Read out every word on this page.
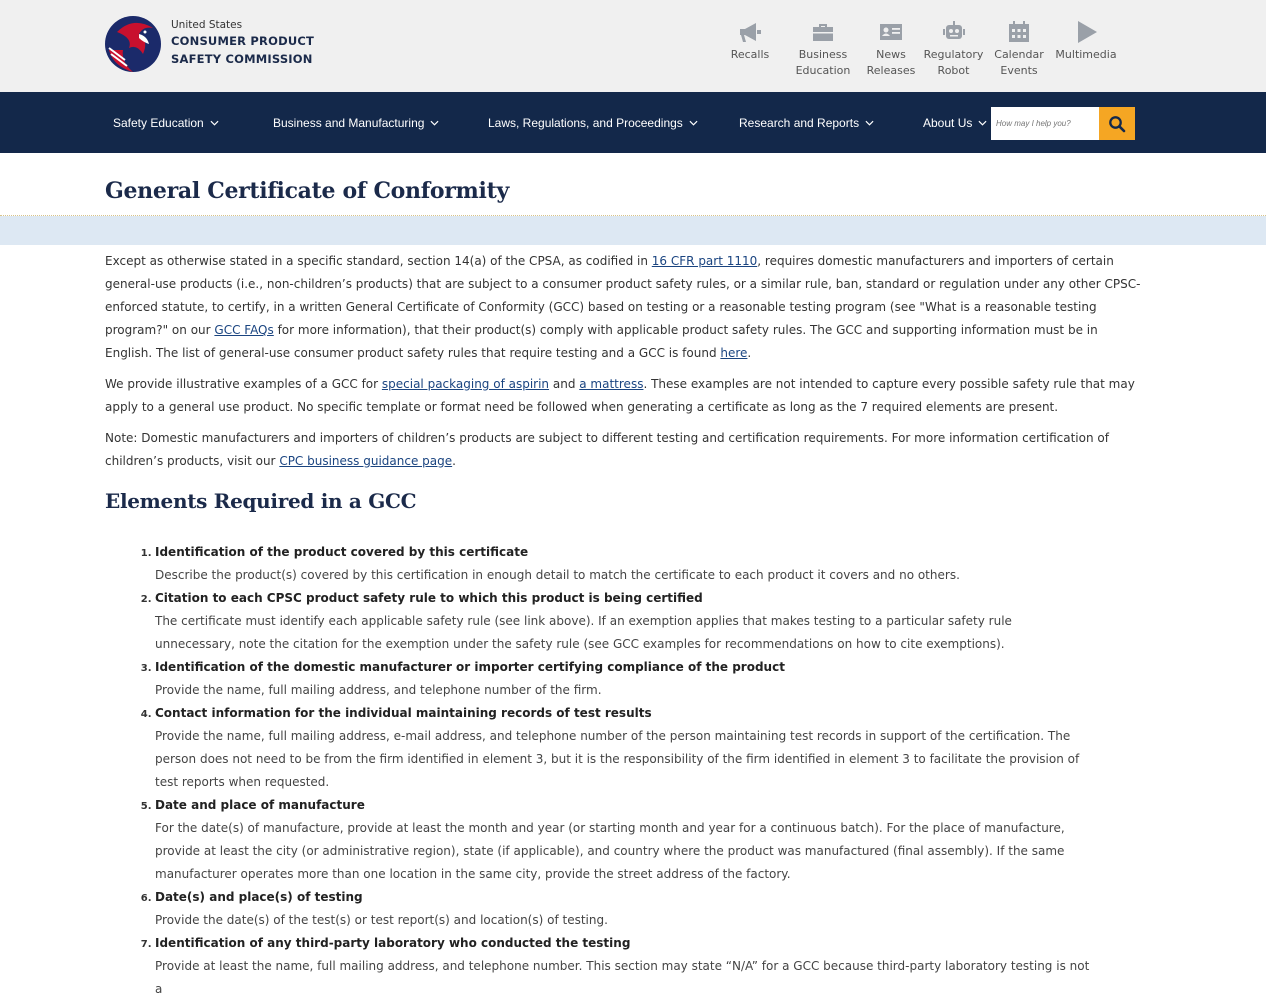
United States
CONSUMER PRODUCT
SAFETY COMMISSION	Recalls	Business
Education
News
Releases
Regulatory
Robot
Calendar
Events
Multimedia
Safety Education	Business and Manufacturing	Laws, Regulations, and Proceedings	Research and Reports	About Us
How may I help you?
General Certificate of Conformity

Except as otherwise stated in a specific standard, section 14(a) of the CPSA, as codified in 16 CFR part 1110, requires domestic manufacturers and importers of certain general-use products (i.e., non-children’s products) that are subject to a consumer product safety rules, or a similar rule, ban, standard or regulation under any other CPSC-enforced statute, to certify, in a written General Certificate of Conformity (GCC) based on testing or a reasonable testing program (see "What is a reasonable testing program?" on our GCC FAQs for more information), that their product(s) comply with applicable product safety rules. The GCC and supporting information must be in English. The list of general-use consumer product safety rules that require testing and a GCC is found here.

We provide illustrative examples of a GCC for special packaging of aspirin and a mattress. These examples are not intended to capture every possible safety rule that may apply to a general use product. No specific template or format need be followed when generating a certificate as long as the 7 required elements are present.

Note: Domestic manufacturers and importers of children’s products are subject to different testing and certification requirements. For more information certification of children’s products, visit our CPC business guidance page.

Elements Required in a GCC
1. Identification of the product covered by this certificate
Describe the product(s) covered by this certification in enough detail to match the certificate to each product it covers and no others.
2. Citation to each CPSC product safety rule to which this product is being certified
The certificate must identify each applicable safety rule (see link above). If an exemption applies that makes testing to a particular safety rule unnecessary, note the citation for the exemption under the safety rule (see GCC examples for recommendations on how to cite exemptions).
3. Identification of the domestic manufacturer or importer certifying compliance of the product
Provide the name, full mailing address, and telephone number of the firm.
4. Contact information for the individual maintaining records of test results
Provide the name, full mailing address, e-mail address, and telephone number of the person maintaining test records in support of the certification. The person does not need to be from the firm identified in element 3, but it is the responsibility of the firm identified in element 3 to facilitate the provision of test reports when requested.
5. Date and place of manufacture
For the date(s) of manufacture, provide at least the month and year (or starting month and year for a continuous batch). For the place of manufacture, provide at least the city (or administrative region), state (if applicable), and country where the product was manufactured (final assembly). If the same manufacturer operates more than one location in the same city, provide the street address of the factory.
6. Date(s) and place(s) of testing
Provide the date(s) of the test(s) or test report(s) and location(s) of testing.
7. Identification of any third-party laboratory who conducted the testing
Provide at least the name, full mailing address, and telephone number. This section may state “N/A” for a GCC because third-party laboratory testing is not a
